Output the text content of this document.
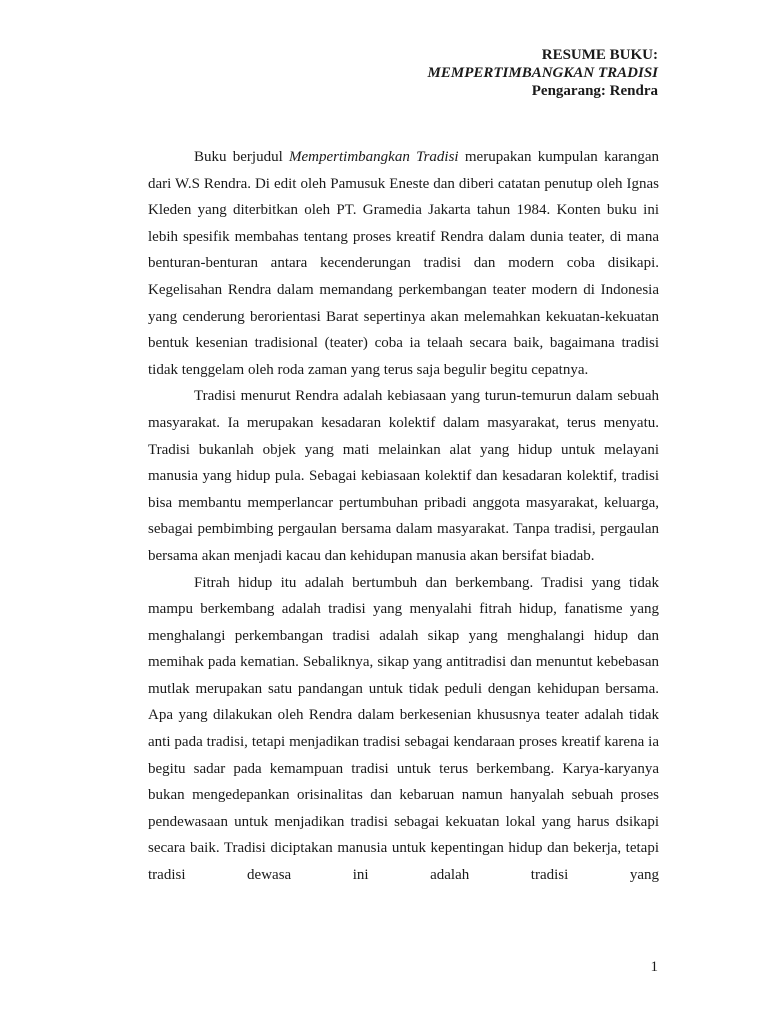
RESUME BUKU:
MEMPERTIMBANGKAN TRADISI
Pengarang: Rendra

Buku berjudul Mempertimbangkan Tradisi merupakan kumpulan karangan dari W.S Rendra. Di edit oleh Pamusuk Eneste dan diberi catatan penutup oleh Ignas Kleden yang diterbitkan oleh PT. Gramedia Jakarta tahun 1984. Konten buku ini lebih spesifik membahas tentang proses kreatif Rendra dalam dunia teater, di mana benturan-benturan antara kecenderungan tradisi dan modern coba disikapi. Kegelisahan Rendra dalam memandang perkembangan teater modern di Indonesia yang cenderung berorientasi Barat sepertinya akan melemahkan kekuatan-kekuatan bentuk kesenian tradisional (teater) coba ia telaah secara baik, bagaimana tradisi tidak tenggelam oleh roda zaman yang terus saja begulir begitu cepatnya.

Tradisi menurut Rendra adalah kebiasaan yang turun-temurun dalam sebuah masyarakat. Ia merupakan kesadaran kolektif dalam masyarakat, terus menyatu. Tradisi bukanlah objek yang mati melainkan alat yang hidup untuk melayani manusia yang hidup pula. Sebagai kebiasaan kolektif dan kesadaran kolektif, tradisi bisa membantu memperlancar pertumbuhan pribadi anggota masyarakat, keluarga, sebagai pembimbing pergaulan bersama dalam masyarakat. Tanpa tradisi, pergaulan bersama akan menjadi kacau dan kehidupan manusia akan bersifat biadab.

Fitrah hidup itu adalah bertumbuh dan berkembang. Tradisi yang tidak mampu berkembang adalah tradisi yang menyalahi fitrah hidup, fanatisme yang menghalangi perkembangan tradisi adalah sikap yang menghalangi hidup dan memihak pada kematian. Sebaliknya, sikap yang antitradisi dan menuntut kebebasan mutlak merupakan satu pandangan untuk tidak peduli dengan kehidupan bersama. Apa yang dilakukan oleh Rendra dalam berkesenian khususnya teater adalah tidak anti pada tradisi, tetapi menjadikan tradisi sebagai kendaraan proses kreatif karena ia begitu sadar pada kemampuan tradisi untuk terus berkembang. Karya-karyanya bukan mengedepankan orisinalitas dan kebaruan namun hanyalah sebuah proses pendewasaan untuk menjadikan tradisi sebagai kekuatan lokal yang harus dsikapi secara baik. Tradisi diciptakan manusia untuk kepentingan hidup dan bekerja, tetapi tradisi dewasa ini adalah tradisi yang

1
